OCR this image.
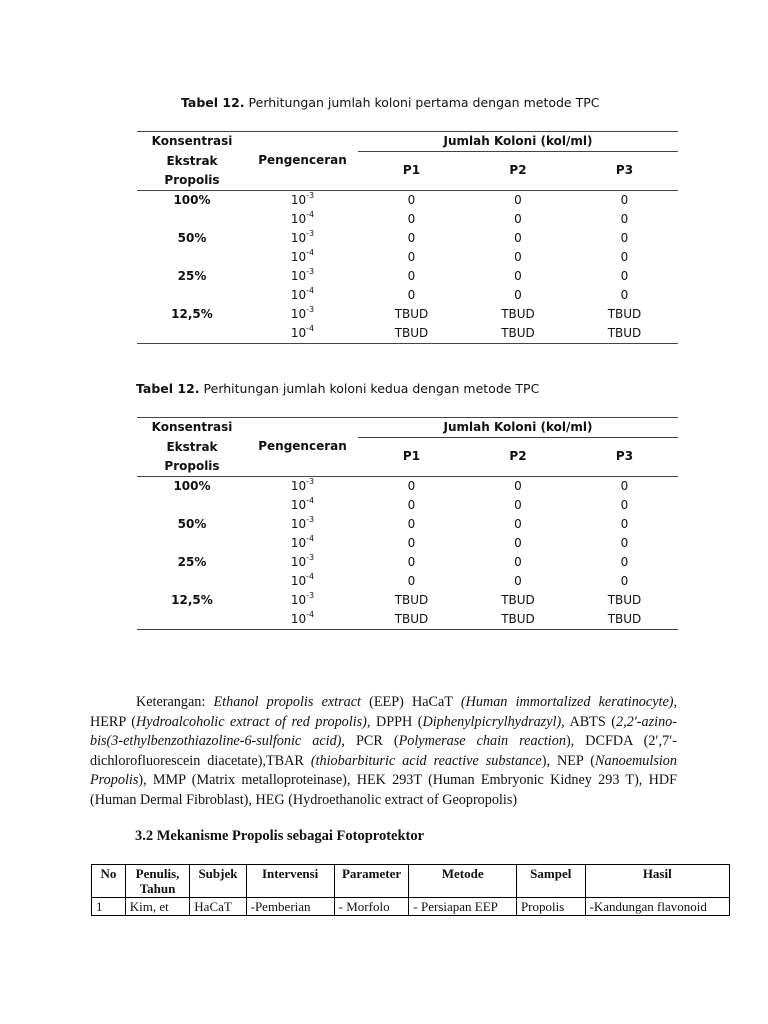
Tabel 12. Perhitungan jumlah koloni pertama dengan metode TPC
Konsentrasi	Pengenceran	Jumlah Koloni (kol/ml)		
Ekstrak		P1	P2	P3
Propolis				
100%	$10^{-3}$	0	0	0
	$10^{-4}$	0	0	0
50%	$10^{-3}$	0	0	0
	$10^{-4}$	0	0	0
25%	$10^{-3}$	0	0	0
	$10^{-4}$	0	0	0
12,5%	$10^{-3}$	TBUD	TBUD	TBUD
	$10^{-4}$	TBUD	TBUD	TBUD
Tabel 12. Perhitungan jumlah koloni kedua dengan metode TPC
Konsentrasi	Pengenceran	Jumlah Koloni (kol/ml)		
Ekstrak		P1	P2	P3
Propolis				
100%	$10^{-3}$	0	0	0
	$10^{-4}$	0	0	0
50%	$10^{-3}$	0	0	0
	$10^{-4}$	0	0	0
25%	$10^{-3}$	0	0	0
	$10^{-4}$	0	0	0
12,5%	$10^{-3}$	TBUD	TBUD	TBUD
	$10^{-4}$	TBUD	TBUD	TBUD

Keterangan: Ethanol propolis extract (EEP) HaCaT (Human immortalized keratinocyte), HERP (Hydroalcoholic extract of red propolis), DPPH (Diphenylpicrylhydrazyl), ABTS (2,2′-azino-bis(3-ethylbenzothiazoline-6-sulfonic acid), PCR (Polymerase chain reaction), DCFDA (2′,7′-dichlorofluorescein diacetate),TBAR (thiobarbituric acid reactive substance), NEP (Nanoemulsion Propolis), MMP (Matrix metalloproteinase), HEK 293T (Human Embryonic Kidney 293 T), HDF (Human Dermal Fibroblast), HEG (Hydroethanolic extract of Geopropolis)

3.2 Mekanisme Propolis sebagai Fotoprotektor
No	Penulis, Tahun	Subjek	Intervensi	Parameter	Metode	Sampel	Hasil
1	Kim, et	HaCaT	-Pemberian	- Morfolo	- Persiapan EEP	Propolis	-Kandungan flavonoid
